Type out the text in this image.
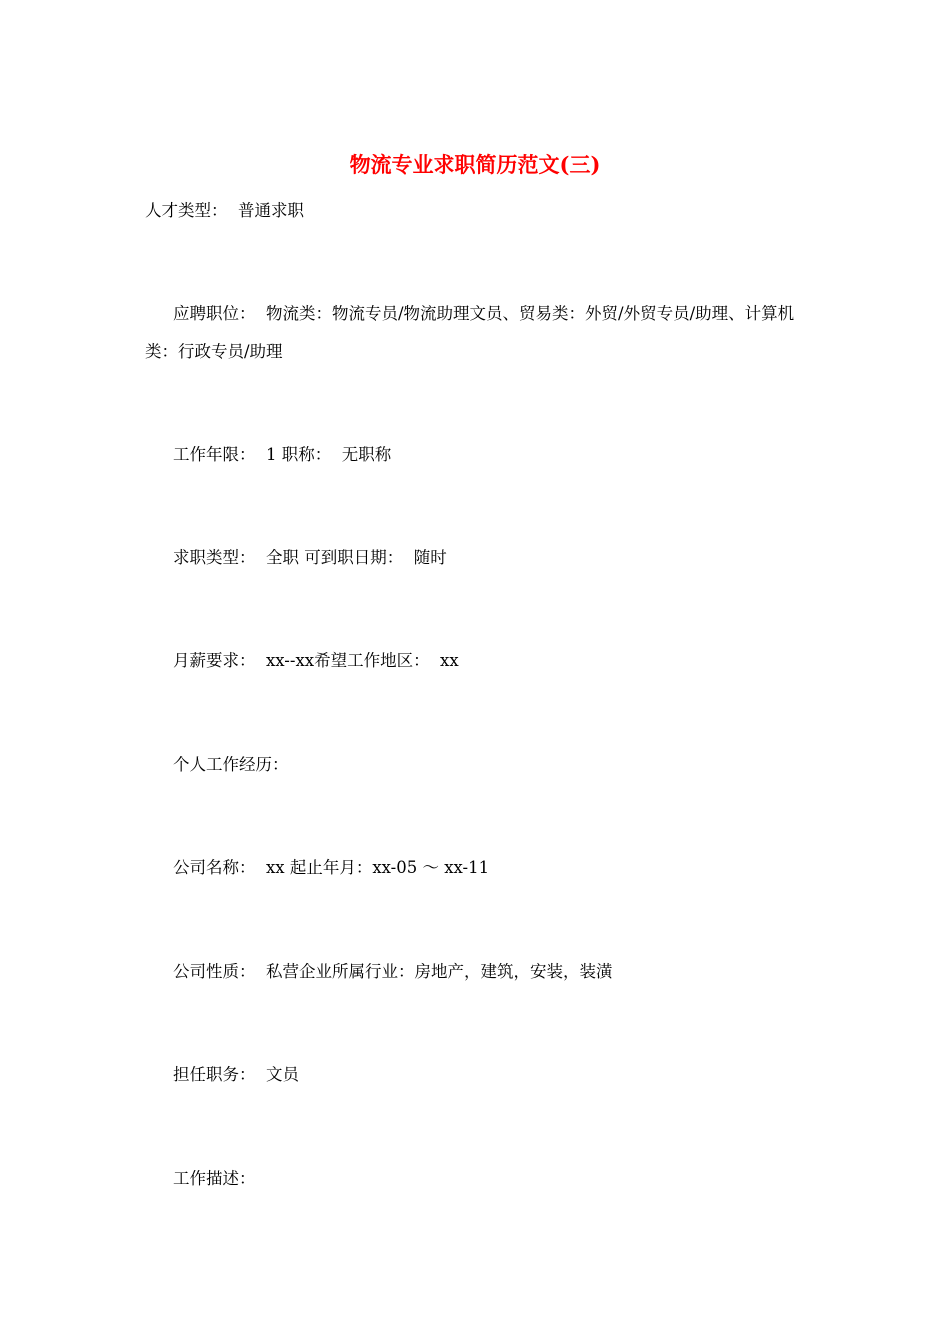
物流专业求职简历范文(三)

人才类型：  普通求职

应聘职位：  物流类：物流专员/物流助理文员、贸易类：外贸/外贸专员/助理、计算机类：行政专员/助理

工作年限：  1 职称：  无职称

求职类型：  全职 可到职日期：  随时

月薪要求：  xx--xx希望工作地区：  xx

个人工作经历：

公司名称：  xx 起止年月：xx-05 ～ xx-11

公司性质：  私营企业所属行业：房地产，建筑，安装，装潢

担任职务：  文员

工作描述：
